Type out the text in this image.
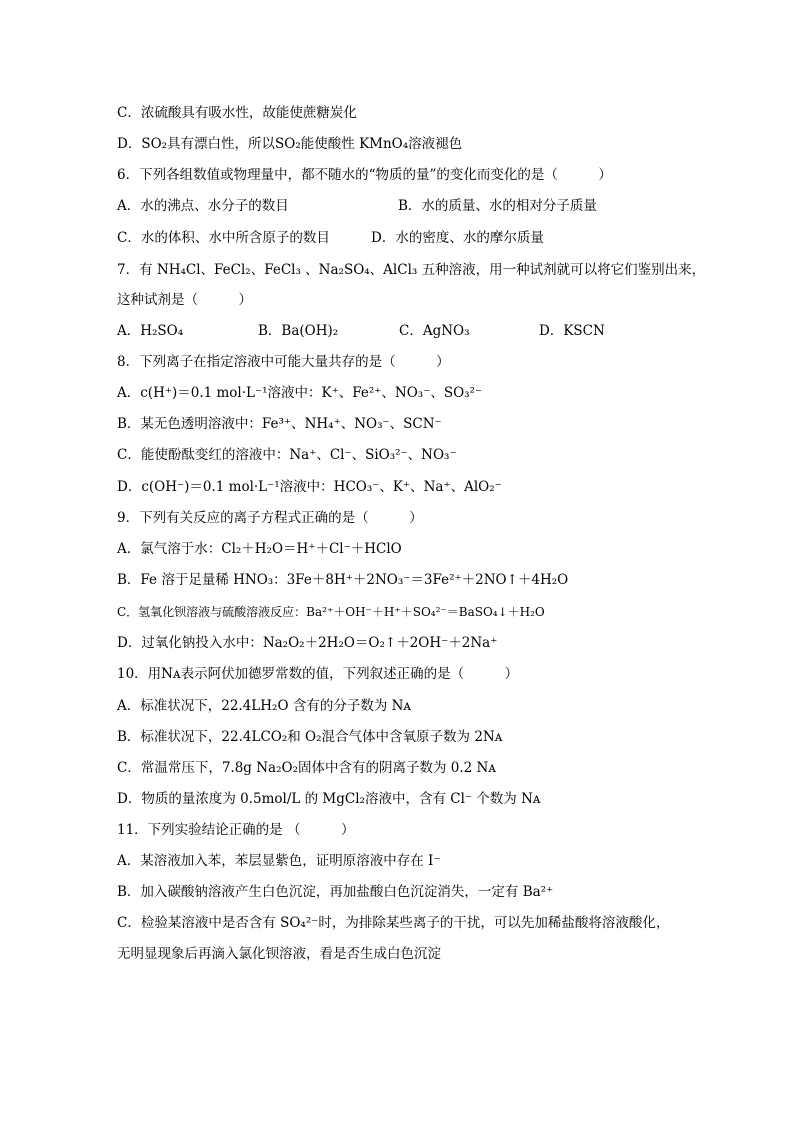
C．浓硫酸具有吸水性，故能使蔗糖炭化
D．SO₂具有漂白性，所以SO₂能使酸性 KMnO₄溶液褪色
6．下列各组数值或物理量中，都不随水的“物质的量”的变化而变化的是（　　　）
A．水的沸点、水分子的数目	B．水的质量、水的相对分子质量
C．水的体积、水中所含原子的数目	D．水的密度、水的摩尔质量
7．有 NH₄Cl、FeCl₂、FeCl₃ 、Na₂SO₄、AlCl₃ 五种溶液，用一种试剂就可以将它们鉴别出来，
这种试剂是（　　　）
A．H₂SO₄	B．Ba(OH)₂	C．AgNO₃	D．KSCN
8．下列离子在指定溶液中可能大量共存的是（　　　）
A．c(H⁺)＝0.1 mol·L⁻¹溶液中：K⁺、Fe²⁺、NO₃⁻、SO₃²⁻
B．某无色透明溶液中：Fe³⁺、NH₄⁺、NO₃⁻、SCN⁻
C．能使酚酞变红的溶液中：Na⁺、Cl⁻、SiO₃²⁻、NO₃⁻
D．c(OH⁻)＝0.1 mol·L⁻¹溶液中：HCO₃⁻、K⁺、Na⁺、AlO₂⁻
9．下列有关反应的离子方程式正确的是（　　　）
A．氯气溶于水：Cl₂＋H₂O＝H⁺＋Cl⁻＋HClO
B．Fe 溶于足量稀 HNO₃：3Fe＋8H⁺＋2NO₃⁻＝3Fe²⁺＋2NO↑＋4H₂O
C．氢氧化钡溶液与硫酸溶液反应：Ba²⁺＋OH⁻＋H⁺＋SO₄²⁻＝BaSO₄↓＋H₂O
D．过氧化钠投入水中：Na₂O₂＋2H₂O＝O₂↑＋2OH⁻＋2Na⁺
10．用Nᴀ表示阿伏加德罗常数的值，下列叙述正确的是（　　　）
A．标准状况下，22.4LH₂O 含有的分子数为 Nᴀ
B．标准状况下，22.4LCO₂和 O₂混合气体中含氧原子数为 2Nᴀ
C．常温常压下，7.8g Na₂O₂固体中含有的阴离子数为 0.2 Nᴀ
D．物质的量浓度为 0.5mol/L 的 MgCl₂溶液中，含有 Cl⁻ 个数为 Nᴀ
11．下列实验结论正确的是 （　　　）
A．某溶液加入苯，苯层显紫色，证明原溶液中存在 I⁻
B．加入碳酸钠溶液产生白色沉淀，再加盐酸白色沉淀消失，一定有 Ba²⁺
C．检验某溶液中是否含有 SO₄²⁻时，为排除某些离子的干扰，可以先加稀盐酸将溶液酸化，
无明显现象后再滴入氯化钡溶液，看是否生成白色沉淀
